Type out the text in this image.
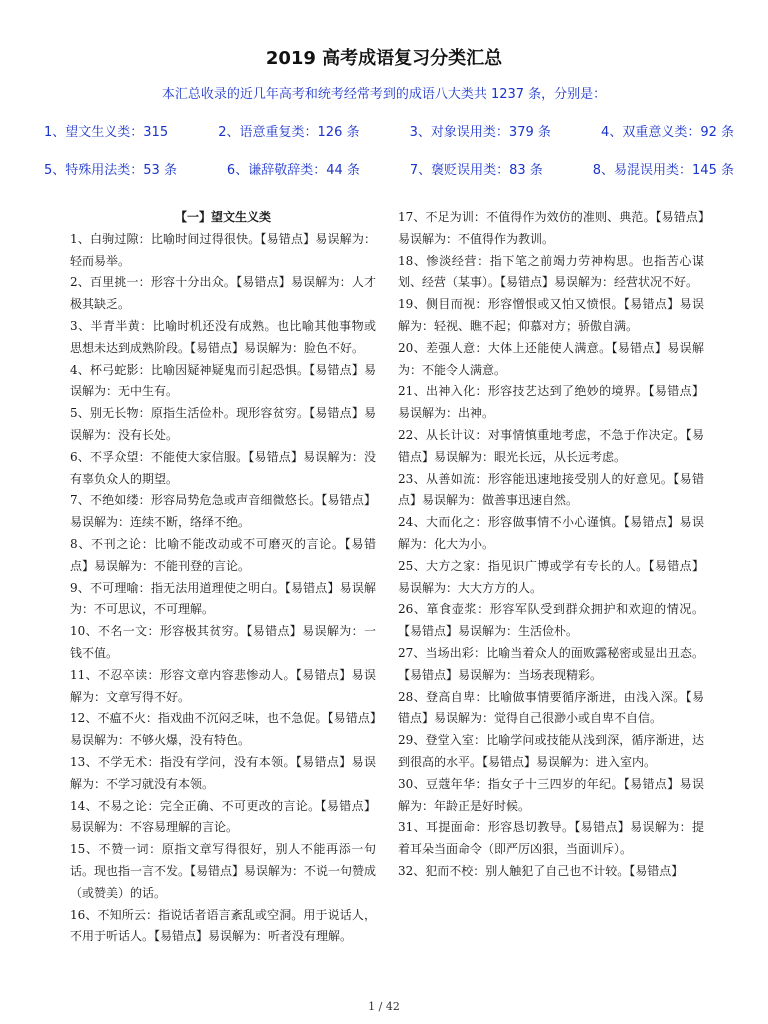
2019 高考成语复习分类汇总
本汇总收录的近几年高考和统考经常考到的成语八大类共 1237 条，分别是：
1、望文生义类：315	2、语意重复类：126 条	3、对象误用类：379 条	4、双重意义类：92 条
5、特殊用法类：53 条	6、谦辞敬辞类：44 条	7、褒贬误用类：83 条	8、易混误用类：145 条
【一】望文生义类
1、白驹过隙：比喻时间过得很快。【易错点】易误解为：轻而易举。
2、百里挑一：形容十分出众。【易错点】易误解为：人才极其缺乏。
3、半青半黄：比喻时机还没有成熟。也比喻其他事物或思想未达到成熟阶段。【易错点】易误解为：脸色不好。
4、杯弓蛇影：比喻因疑神疑鬼而引起恐惧。【易错点】易误解为：无中生有。
5、别无长物：原指生活俭朴。现形容贫穷。【易错点】易误解为：没有长处。
6、不孚众望：不能使大家信服。【易错点】易误解为：没有辜负众人的期望。
7、不绝如缕：形容局势危急或声音细微悠长。【易错点】易误解为：连续不断，络绎不绝。
8、不刊之论：比喻不能改动或不可磨灭的言论。【易错点】易误解为：不能刊登的言论。
9、不可理喻：指无法用道理使之明白。【易错点】易误解为：不可思议，不可理解。
10、不名一文：形容极其贫穷。【易错点】易误解为：一钱不值。
11、不忍卒读：形容文章内容悲惨动人。【易错点】易误解为：文章写得不好。
12、不瘟不火：指戏曲不沉闷乏味，也不急促。【易错点】易误解为：不够火爆，没有特色。
13、不学无术：指没有学问，没有本领。【易错点】易误解为：不学习就没有本领。
14、不易之论：完全正确、不可更改的言论。【易错点】易误解为：不容易理解的言论。
15、不赞一词：原指文章写得很好，别人不能再添一句话。现也指一言不发。【易错点】易误解为：不说一句赞成（或赞美）的话。
16、不知所云：指说话者语言紊乱或空洞。用于说话人，不用于听话人。【易错点】易误解为：听者没有理解。
17、不足为训：不值得作为效仿的准则、典范。【易错点】易误解为：不值得作为教训。
18、惨淡经营：指下笔之前竭力劳神构思。也指苦心谋划、经营（某事）。【易错点】易误解为：经营状况不好。
19、侧目而视：形容憎恨或又怕又愤恨。【易错点】易误解为：轻视、瞧不起；仰慕对方；骄傲自满。
20、差强人意：大体上还能使人满意。【易错点】易误解为：不能令人满意。
21、出神入化：形容技艺达到了绝妙的境界。【易错点】易误解为：出神。
22、从长计议：对事情慎重地考虑，不急于作决定。【易错点】易误解为：眼光长远，从长远考虑。
23、从善如流：形容能迅速地接受别人的好意见。【易错点】易误解为：做善事迅速自然。
24、大而化之：形容做事情不小心谨慎。【易错点】易误解为：化大为小。
25、大方之家：指见识广博或学有专长的人。【易错点】易误解为：大大方方的人。
26、箪食壶浆：形容军队受到群众拥护和欢迎的情况。【易错点】易误解为：生活俭朴。
27、当场出彩：比喻当着众人的面败露秘密或显出丑态。【易错点】易误解为：当场表现精彩。
28、登高自卑：比喻做事情要循序渐进，由浅入深。【易错点】易误解为：觉得自己很渺小或自卑不自信。
29、登堂入室：比喻学问或技能从浅到深，循序渐进，达到很高的水平。【易错点】易误解为：进入室内。
30、豆蔻年华：指女子十三四岁的年纪。【易错点】易误解为：年龄正是好时候。
31、耳提面命：形容恳切教导。【易错点】易误解为：提着耳朵当面命令（即严厉凶狠，当面训斥）。
32、犯而不校：别人触犯了自己也不计较。【易错点】
1 / 42
